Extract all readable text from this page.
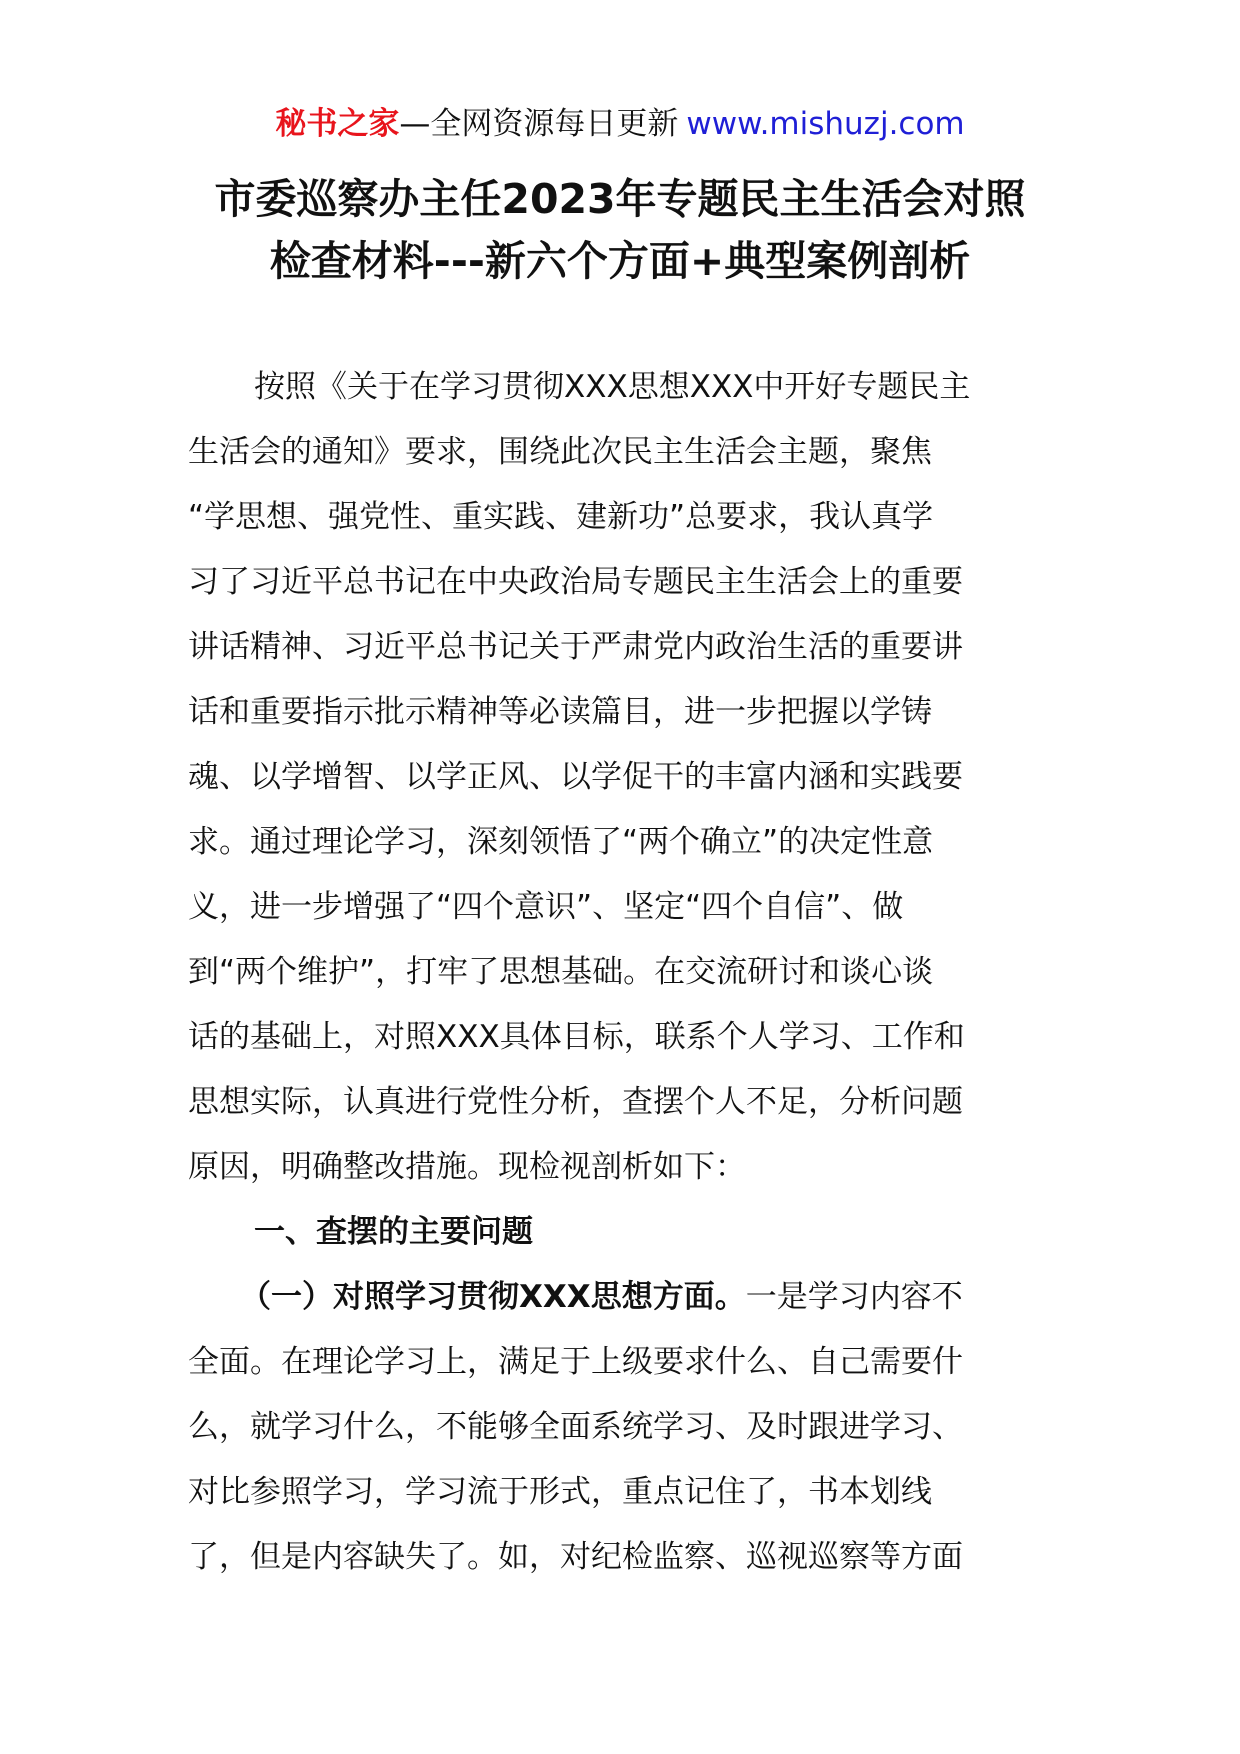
秘书之家—全网资源每日更新 www.mishuzj.com
市委巡察办主任2023年专题民主生活会对照
检查材料---新六个方面+典型案例剖析
按照《关于在学习贯彻XXX思想XXX中开好专题民主
生活会的通知》要求，围绕此次民主生活会主题，聚焦
“学思想、强党性、重实践、建新功”总要求，我认真学
习了习近平总书记在中央政治局专题民主生活会上的重要
讲话精神、习近平总书记关于严肃党内政治生活的重要讲
话和重要指示批示精神等必读篇目，进一步把握以学铸
魂、以学增智、以学正风、以学促干的丰富内涵和实践要
求。通过理论学习，深刻领悟了“两个确立”的决定性意
义，进一步增强了“四个意识”、坚定“四个自信”、做
到“两个维护”，打牢了思想基础。在交流研讨和谈心谈
话的基础上，对照XXX具体目标，联系个人学习、工作和
思想实际，认真进行党性分析，查摆个人不足，分析问题
原因，明确整改措施。现检视剖析如下：
一、查摆的主要问题
（一）对照学习贯彻XXX思想方面。一是学习内容不
全面。在理论学习上，满足于上级要求什么、自己需要什
么，就学习什么，不能够全面系统学习、及时跟进学习、
对比参照学习，学习流于形式，重点记住了，书本划线
了，但是内容缺失了。如，对纪检监察、巡视巡察等方面
